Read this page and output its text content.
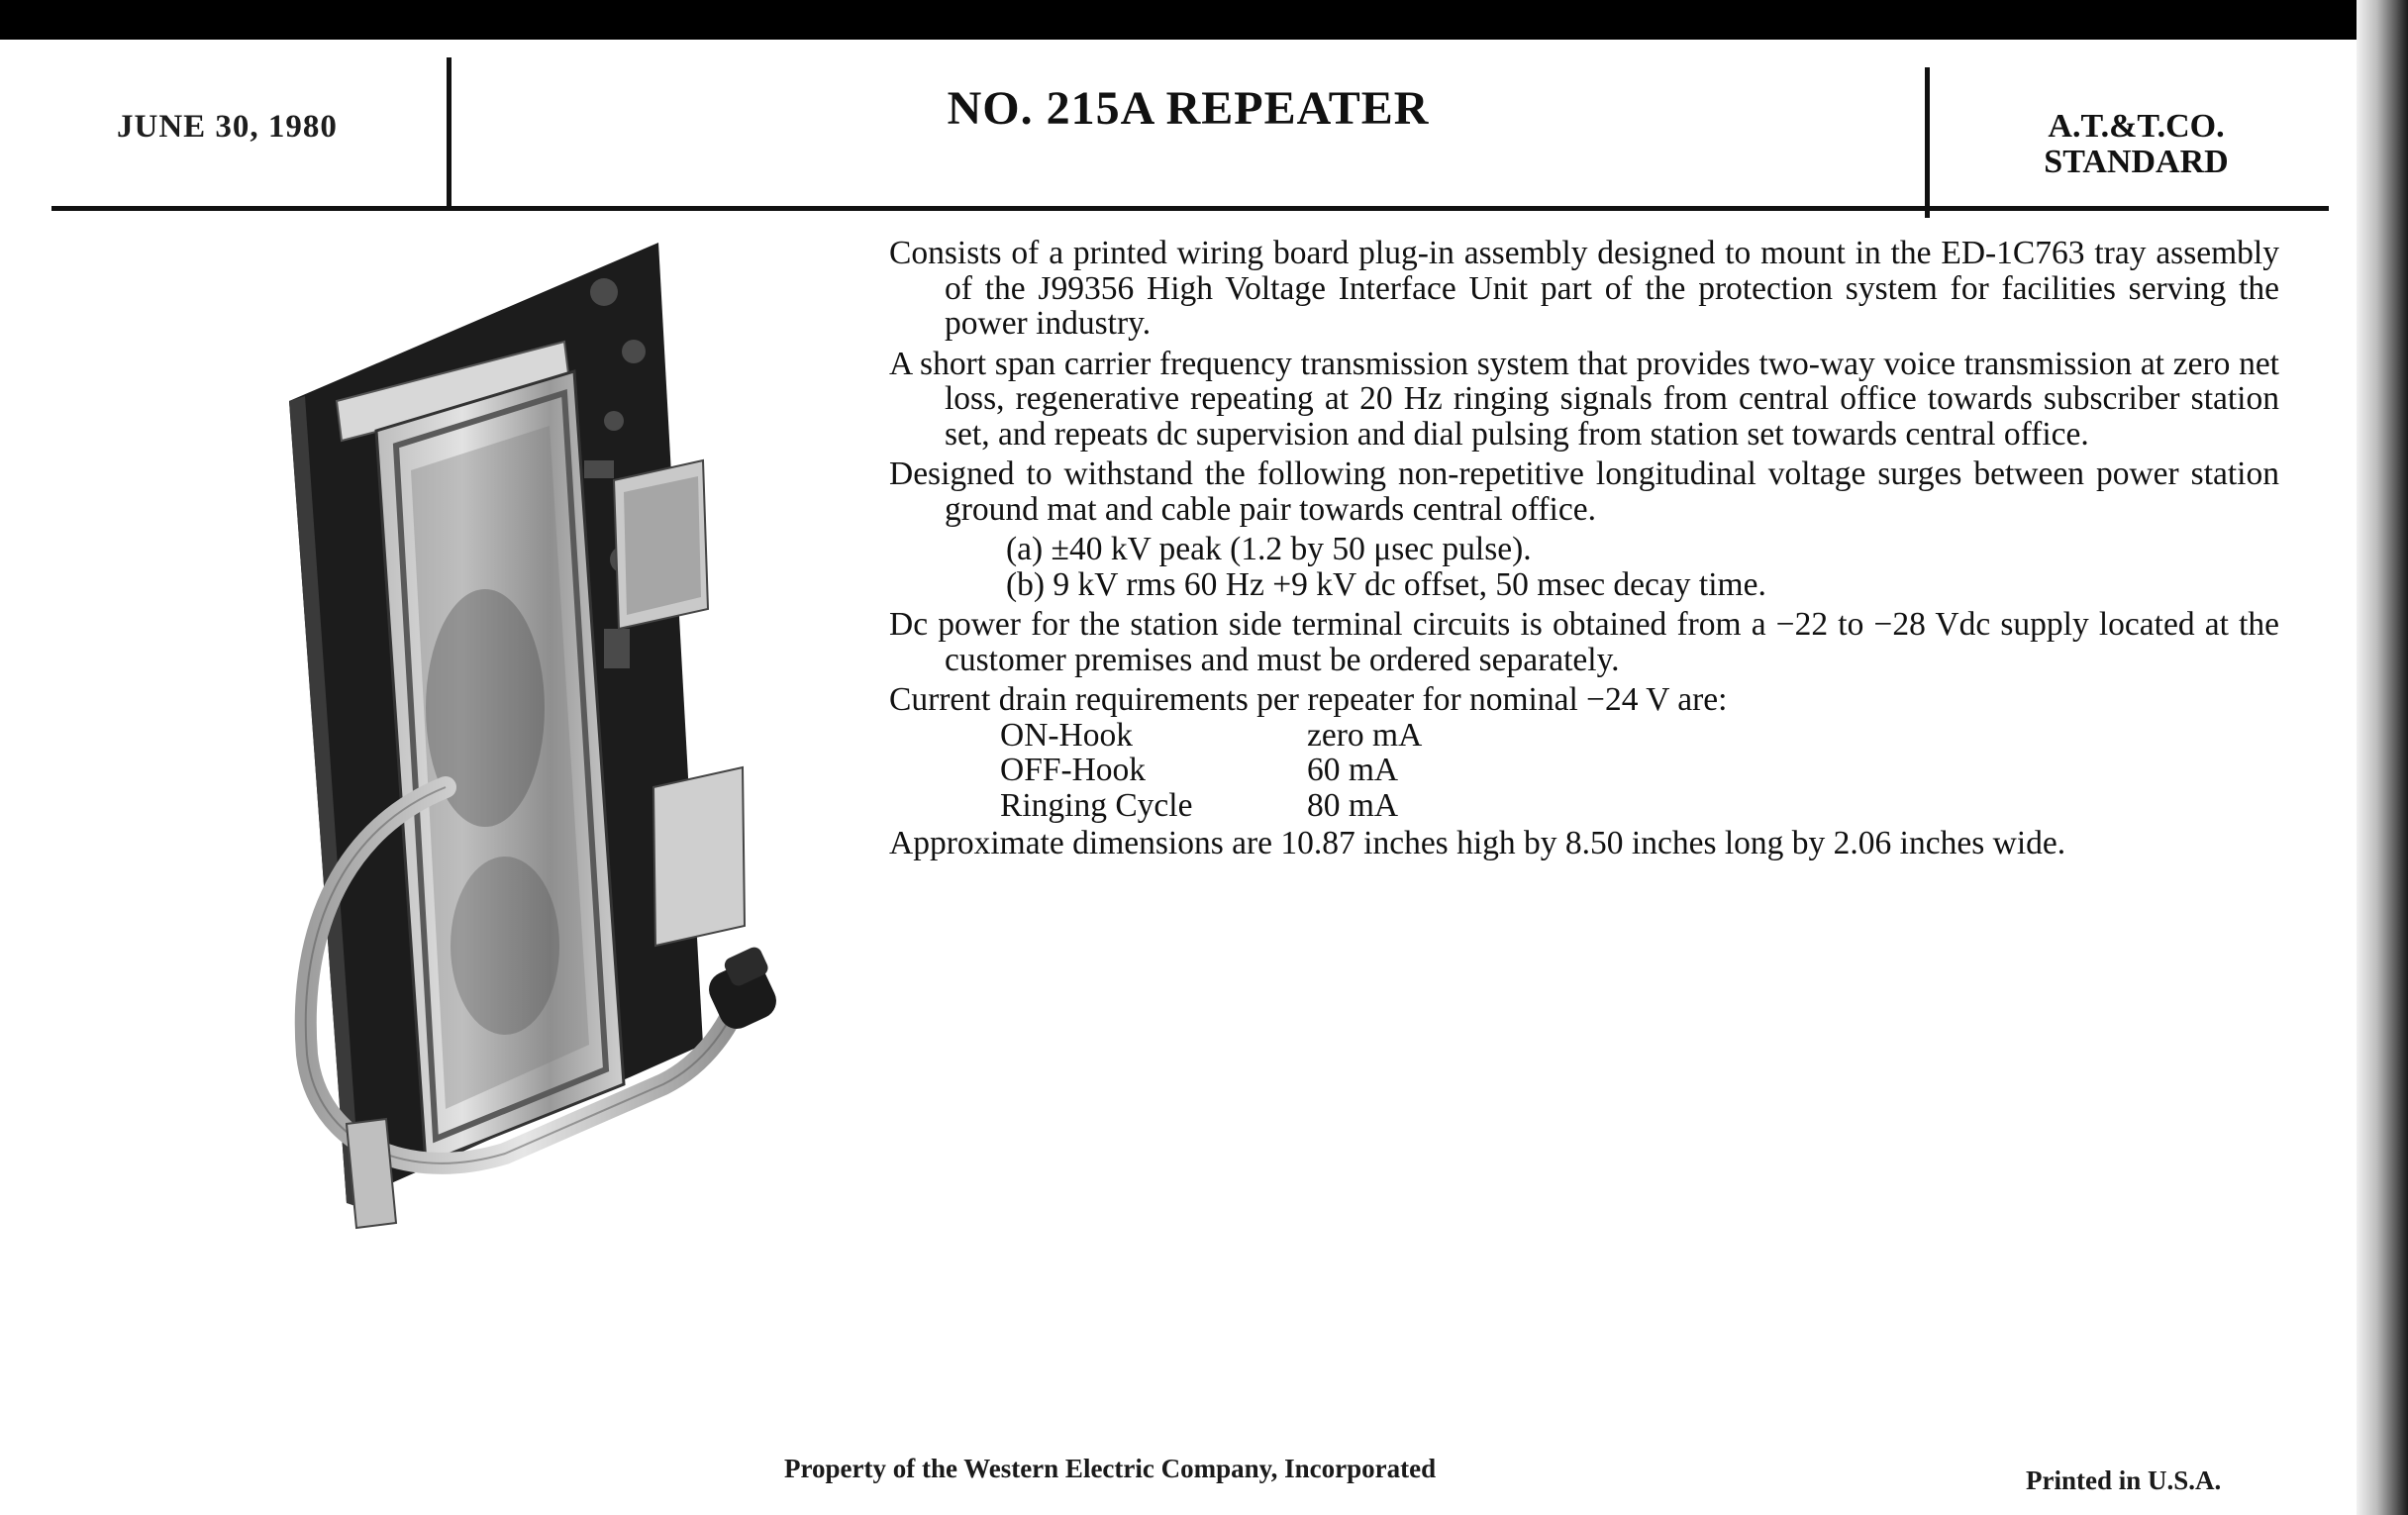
JUNE 30, 1980	NO. 215A REPEATER	A.T.&T.CO.
STANDARD

Consists of a printed wiring board plug-in assembly designed to mount in the ED-1C763 tray assembly of the J99356 High Voltage Interface Unit part of the protection system for facilities serving the power industry.

A short span carrier frequency transmission system that provides two-way voice transmission at zero net loss, regenerative repeating at 20 Hz ringing signals from central office towards subscriber station set, and repeats dc supervision and dial pulsing from station set towards central office.

Designed to withstand the following non-repetitive longitudinal voltage surges between power station ground mat and cable pair towards central office.

(a) ±40 kV peak (1.2 by 50 μsec pulse).

(b) 9 kV rms 60 Hz +9 kV dc offset, 50 msec decay time.

Dc power for the station side terminal circuits is obtained from a −22 to −28 Vdc supply located at the customer premises and must be ordered separately.

Current drain requirements per repeater for nominal −24 V are:

ON-Hook	zero mA
OFF-Hook	60 mA
Ringing Cycle	80 mA

Approximate dimensions are 10.87 inches high by 8.50 inches long by 2.06 inches wide.

Property of the Western Electric Company, Incorporated	Printed in U.S.A.
